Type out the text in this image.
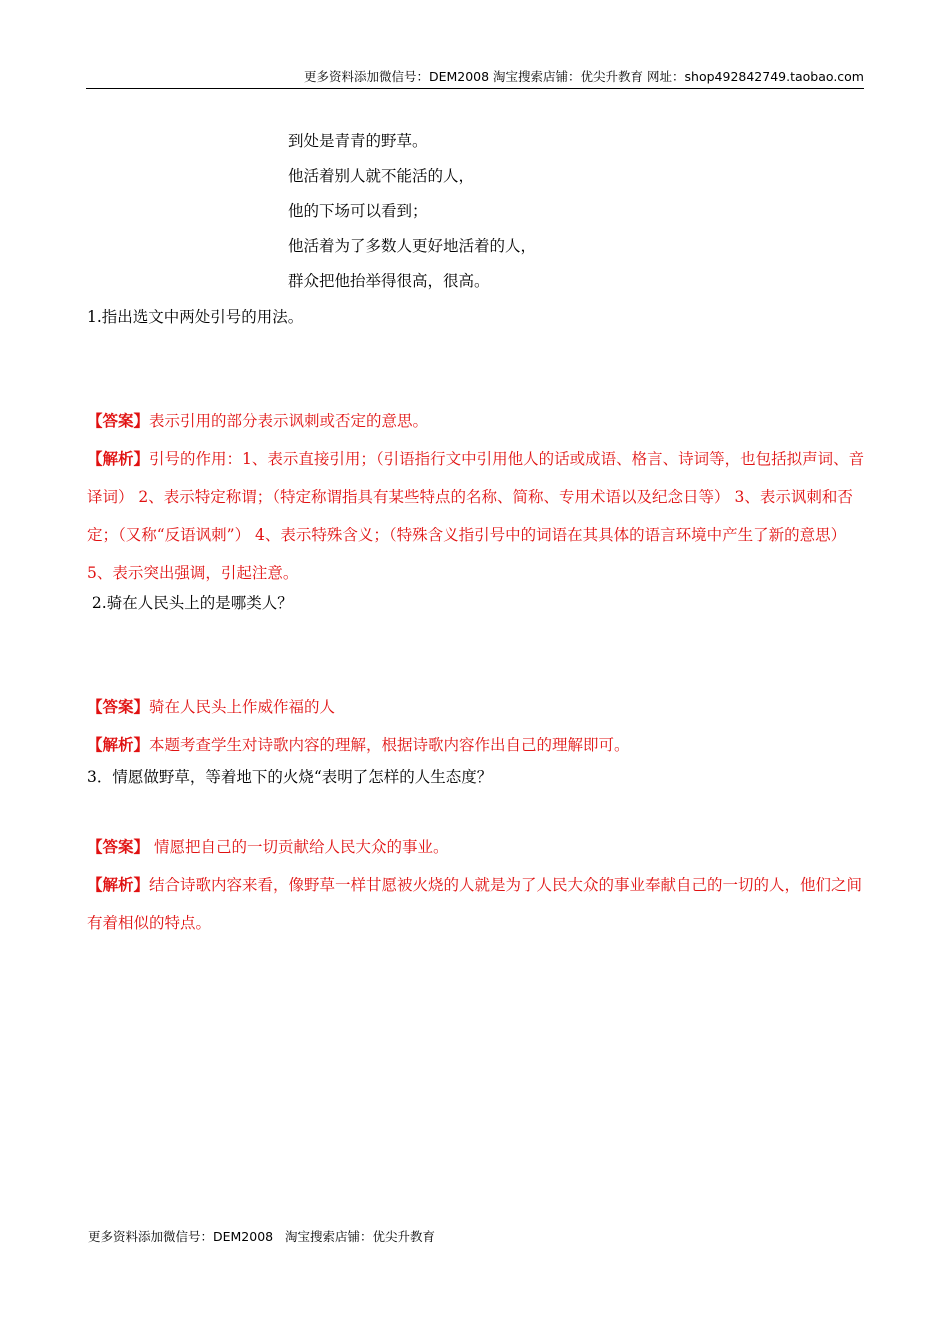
更多资料添加微信号：DEM2008 淘宝搜索店铺：优尖升教育 网址：shop492842749.taobao.com
到处是青青的野草。
他活着别人就不能活的人，
他的下场可以看到；
他活着为了多数人更好地活着的人，
群众把他抬举得很高，很高。
1.指出选文中两处引号的用法。
【答案】表示引用的部分表示讽刺或否定的意思。
【解析】引号的作用：1、表示直接引用；（引语指行文中引用他人的话或成语、格言、诗词等，也包括拟声词、音译词） 2、表示特定称谓；（特定称谓指具有某些特点的名称、简称、专用术语以及纪念日等） 3、表示讽刺和否定；（又称“反语讽刺”） 4、表示特殊含义；（特殊含义指引号中的词语在其具体的语言环境中产生了新的意思） 5、表示突出强调，引起注意。
2.骑在人民头上的是哪类人？
【答案】骑在人民头上作威作福的人
【解析】本题考查学生对诗歌内容的理解，根据诗歌内容作出自己的理解即可。
3．情愿做野草，等着地下的火烧“表明了怎样的人生态度？
【答案】 情愿把自己的一切贡献给人民大众的事业。
【解析】结合诗歌内容来看，像野草一样甘愿被火烧的人就是为了人民大众的事业奉献自己的一切的人，他们之间有着相似的特点。
更多资料添加微信号：DEM2008   淘宝搜索店铺：优尖升教育
